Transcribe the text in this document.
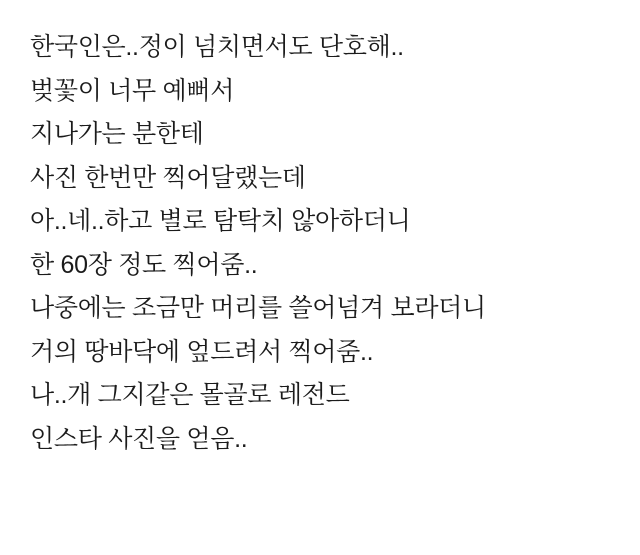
한국인은..정이 넘치면서도 단호해..
벚꽃이 너무 예뻐서
지나가는 분한테
사진 한번만 찍어달랬는데
아..네..하고 별로 탐탁치 않아하더니
한 60장 정도 찍어줌..
나중에는 조금만 머리를 쓸어넘겨 보라더니
거의 땅바닥에 엎드려서 찍어줌..
나..개 그지같은 몰골로 레전드
인스타 사진을 얻음..
